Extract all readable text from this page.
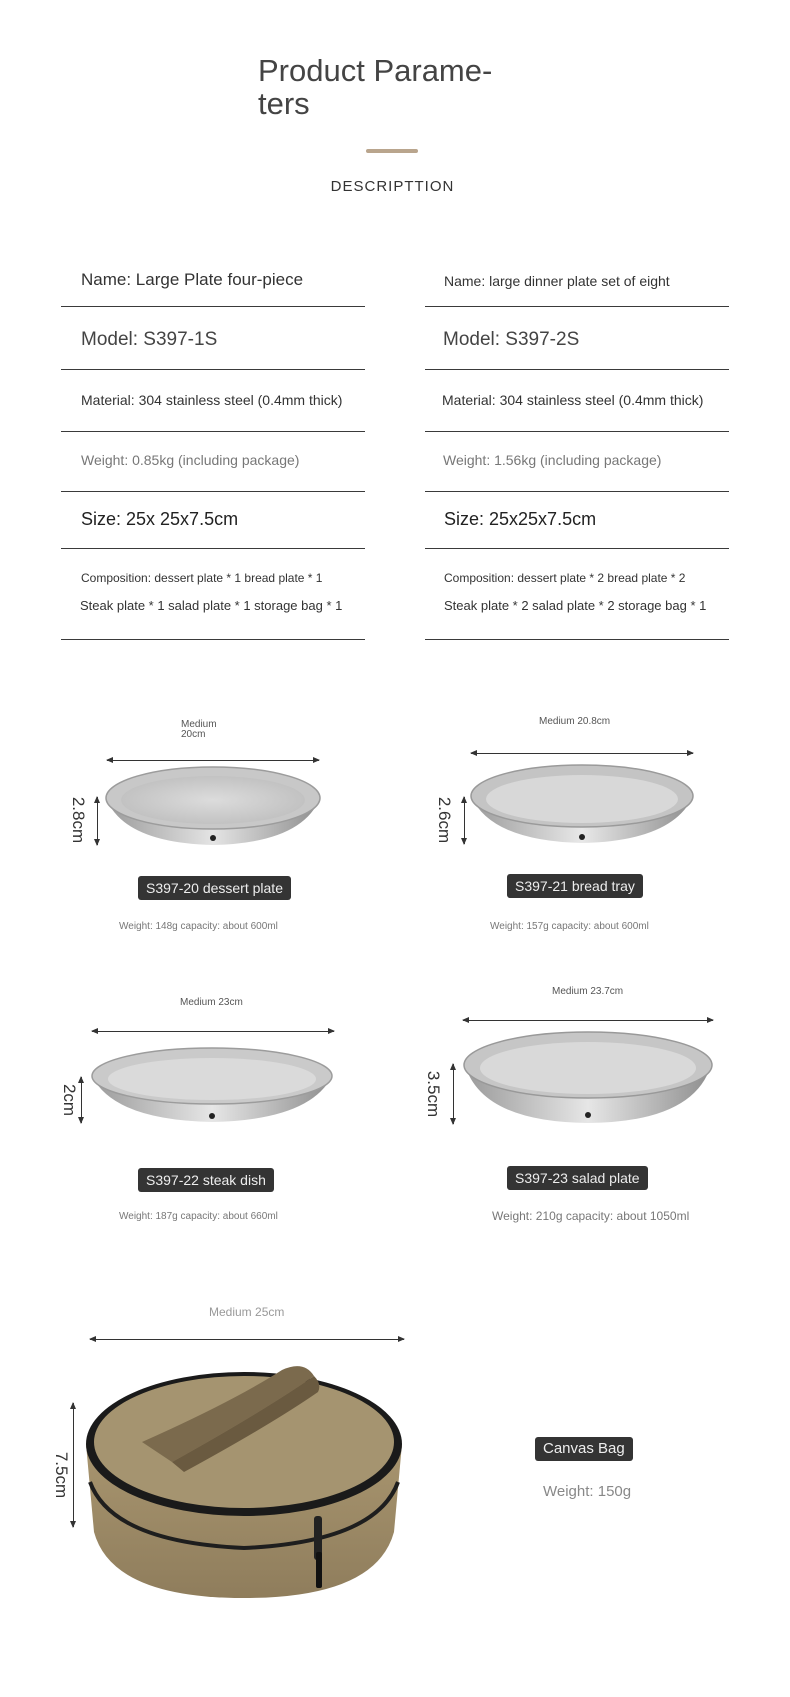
Product Parame-
ters
DESCRIPTTION
Name: Large Plate four-piece
Model: S397-1S
Material: 304 stainless steel (0.4mm thick)
Weight: 0.85kg (including package)
Size: 25x 25x7.5cm
Composition: dessert plate * 1 bread plate * 1
Steak plate * 1 salad plate * 1 storage bag * 1
Name: large dinner plate set of eight
Model: S397-2S
Material: 304 stainless steel (0.4mm thick)
Weight: 1.56kg (including package)
Size: 25x25x7.5cm
Composition: dessert plate * 2 bread plate * 2
Steak plate * 2 salad plate * 2 storage bag * 1
Medium
20cm
2.8cm
S397-20 dessert plate
Weight: 148g capacity: about 600ml
Medium 20.8cm
2.6cm
S397-21 bread tray
Weight: 157g capacity: about 600ml
Medium 23cm
2cm
S397-22 steak dish
Weight: 187g capacity: about 660ml
Medium 23.7cm
3.5cm
S397-23 salad plate
Weight: 210g capacity: about 1050ml
Medium 25cm
7.5cm
Canvas Bag
Weight: 150g
